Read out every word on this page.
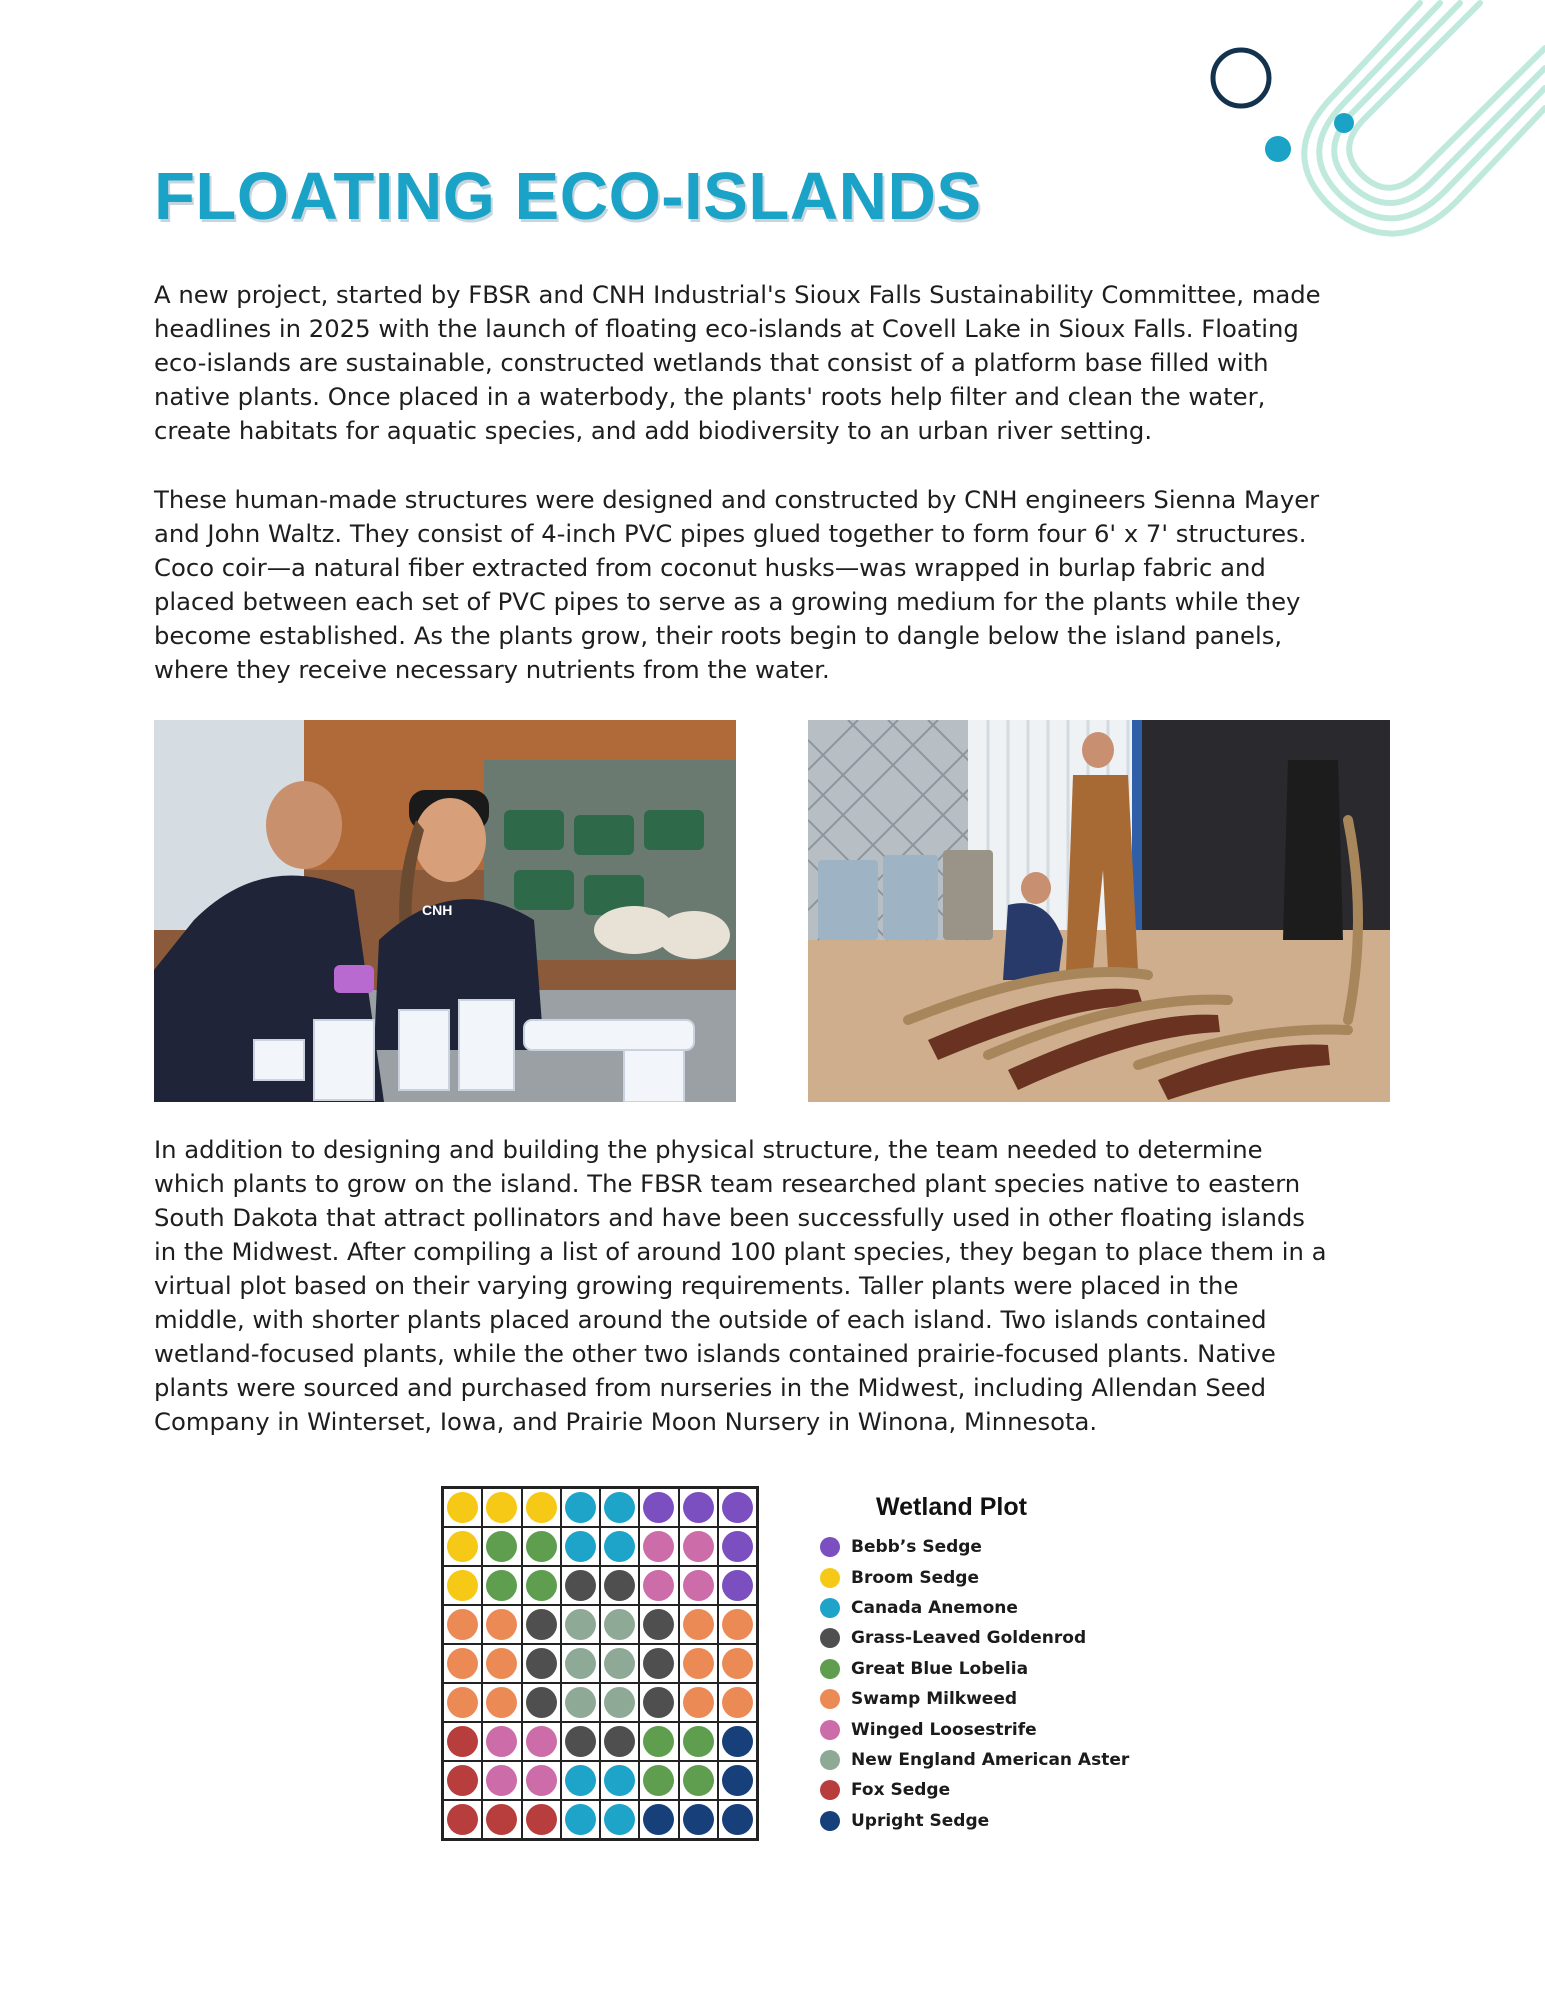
FLOATING ECO-ISLANDS
A new project, started by FBSR and CNH Industrial's Sioux Falls Sustainability Committee, made
headlines in 2025 with the launch of floating eco-islands at Covell Lake in Sioux Falls. Floating
eco-islands are sustainable, constructed wetlands that consist of a platform base filled with
native plants. Once placed in a waterbody, the plants' roots help filter and clean the water,
create habitats for aquatic species, and add biodiversity to an urban river setting.
These human-made structures were designed and constructed by CNH engineers Sienna Mayer
and John Waltz. They consist of 4-inch PVC pipes glued together to form four 6' x 7' structures.
Coco coir—a natural fiber extracted from coconut husks—was wrapped in burlap fabric and
placed between each set of PVC pipes to serve as a growing medium for the plants while they
become established. As the plants grow, their roots begin to dangle below the island panels,
where they receive necessary nutrients from the water.
CNH
In addition to designing and building the physical structure, the team needed to determine
which plants to grow on the island. The FBSR team researched plant species native to eastern
South Dakota that attract pollinators and have been successfully used in other floating islands
in the Midwest. After compiling a list of around 100 plant species, they began to place them in a
virtual plot based on their varying growing requirements. Taller plants were placed in the
middle, with shorter plants placed around the outside of each island. Two islands contained
wetland-focused plants, while the other two islands contained prairie-focused plants. Native
plants were sourced and purchased from nurseries in the Midwest, including Allendan Seed
Company in Winterset, Iowa, and Prairie Moon Nursery in Winona, Minnesota.
Wetland Plot
Bebb’s Sedge
Broom Sedge
Canada Anemone
Grass-Leaved Goldenrod
Great Blue Lobelia
Swamp Milkweed
Winged Loosestrife
New England American Aster
Fox Sedge
Upright Sedge
